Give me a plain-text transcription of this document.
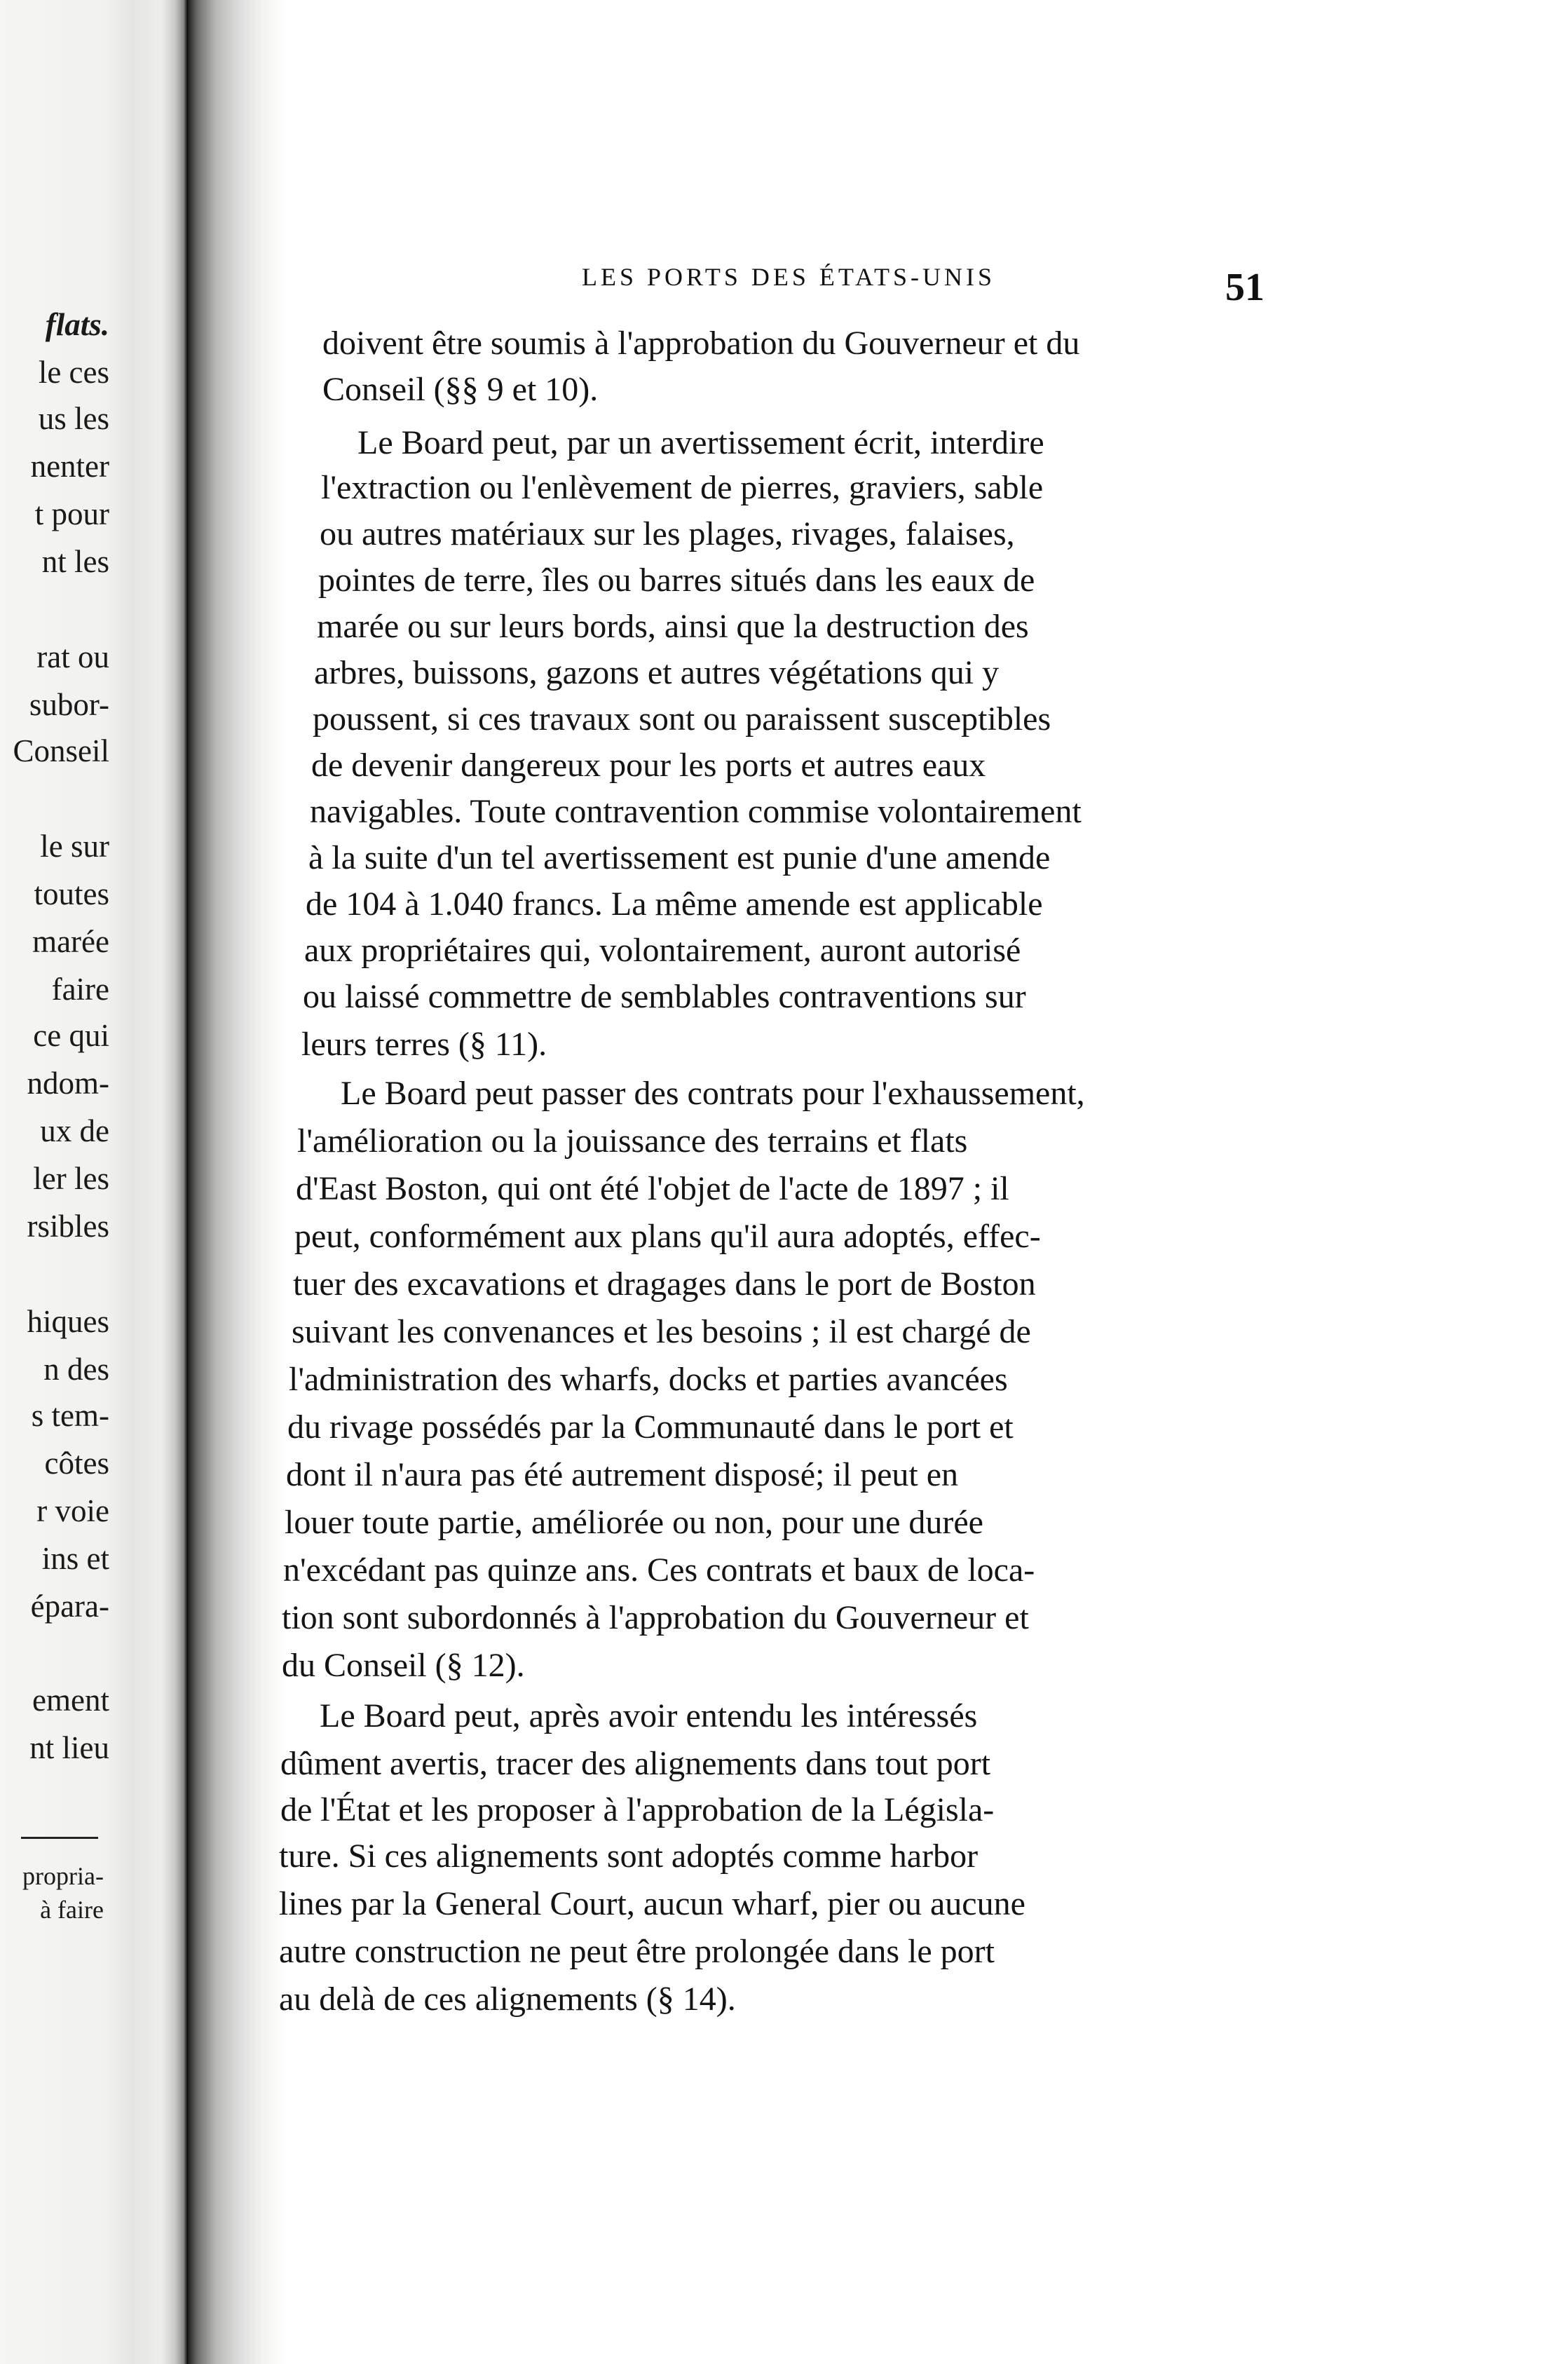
flats.
le ces
us les
nenter
t pour
nt les
rat ou
subor-
Conseil
le sur
toutes
marée
faire
ce qui
ndom-
ux de
ler les
rsibles
hiques
n des
s tem-
côtes
r voie
ins et
épara-
ement
nt lieu
propria-
à faire
LES PORTS DES ÉTATS-UNIS	51
doivent être soumis à l'approbation du Gouverneur et du
Conseil (§§ 9 et 10).
Le Board peut, par un avertissement écrit, interdire
l'extraction ou l'enlèvement de pierres, graviers, sable
ou autres matériaux sur les plages, rivages, falaises,
pointes de terre, îles ou barres situés dans les eaux de
marée ou sur leurs bords, ainsi que la destruction des
arbres, buissons, gazons et autres végétations qui y
poussent, si ces travaux sont ou paraissent susceptibles
de devenir dangereux pour les ports et autres eaux
navigables. Toute contravention commise volontairement
à la suite d'un tel avertissement est punie d'une amende
de 104 à 1.040 francs. La même amende est applicable
aux propriétaires qui, volontairement, auront autorisé
ou laissé commettre de semblables contraventions sur
leurs terres (§ 11).
Le Board peut passer des contrats pour l'exhaussement,
l'amélioration ou la jouissance des terrains et flats
d'East Boston, qui ont été l'objet de l'acte de 1897 ; il
peut, conformément aux plans qu'il aura adoptés, effec-
tuer des excavations et dragages dans le port de Boston
suivant les convenances et les besoins ; il est chargé de
l'administration des wharfs, docks et parties avancées
du rivage possédés par la Communauté dans le port et
dont il n'aura pas été autrement disposé; il peut en
louer toute partie, améliorée ou non, pour une durée
n'excédant pas quinze ans. Ces contrats et baux de loca-
tion sont subordonnés à l'approbation du Gouverneur et
du Conseil (§ 12).
Le Board peut, après avoir entendu les intéressés
dûment avertis, tracer des alignements dans tout port
de l'État et les proposer à l'approbation de la Législa-
ture. Si ces alignements sont adoptés comme harbor
lines par la General Court, aucun wharf, pier ou aucune
autre construction ne peut être prolongée dans le port
au delà de ces alignements (§ 14).
